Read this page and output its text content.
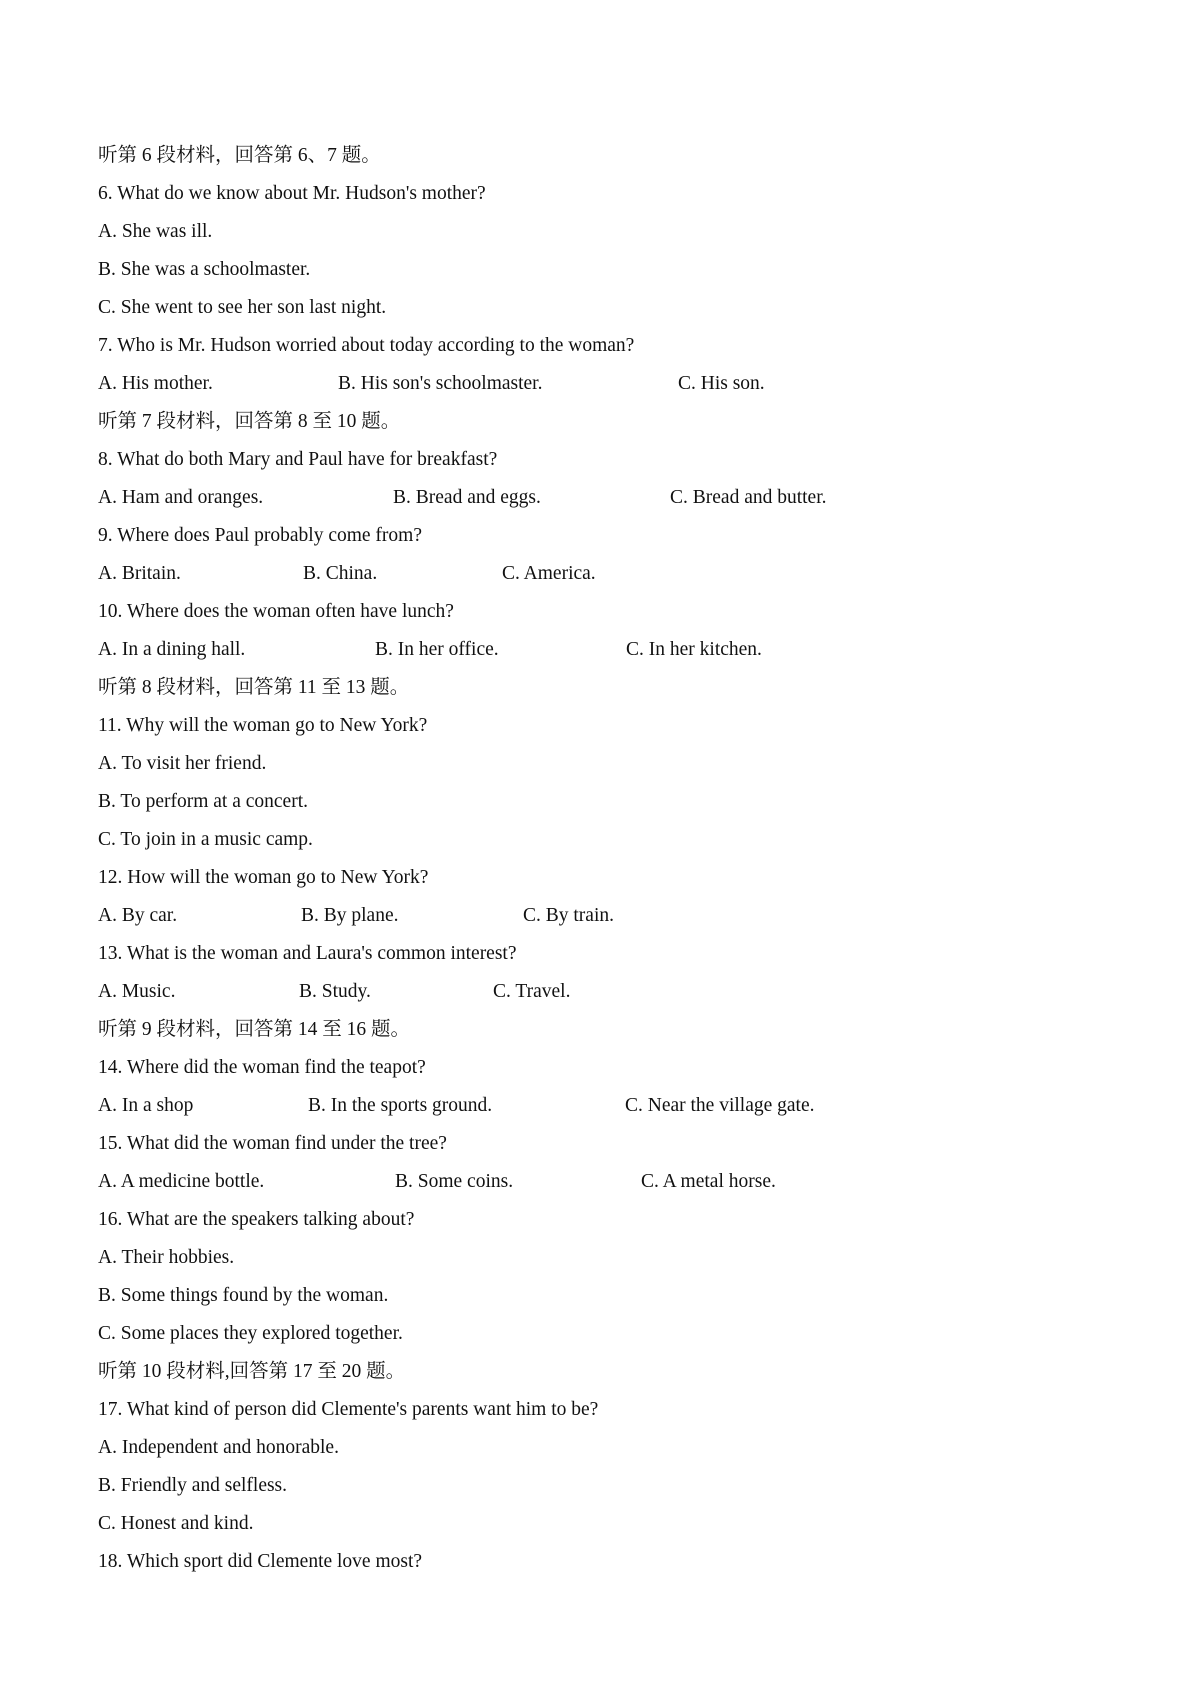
听第 6 段材料，回答第 6、7 题。
6. What do we know about Mr. Hudson's mother?
A. She was ill.
B. She was a schoolmaster.
C. She went to see her son last night.
7. Who is Mr. Hudson worried about today according to the woman?
A. His mother.	B. His son's schoolmaster.	C. His son.
听第 7 段材料，回答第 8 至 10 题。
8. What do both Mary and Paul have for breakfast?
A. Ham and oranges.	B. Bread and eggs.	C. Bread and butter.
9. Where does Paul probably come from?
A. Britain.	B. China.	C. America.
10. Where does the woman often have lunch?
A. In a dining hall.	B. In her office.	C. In her kitchen.
听第 8 段材料，回答第 11 至 13 题。
11. Why will the woman go to New York?
A. To visit her friend.
B. To perform at a concert.
C. To join in a music camp.
12. How will the woman go to New York?
A. By car.	B. By plane.	C. By train.
13. What is the woman and Laura's common interest?
A. Music.	B. Study.	C. Travel.
听第 9 段材料，回答第 14 至 16 题。
14. Where did the woman find the teapot?
A. In a shop	B. In the sports ground.	C. Near the village gate.
15. What did the woman find under the tree?
A. A medicine bottle.	B. Some coins.	C. A metal horse.
16. What are the speakers talking about?
A. Their hobbies.
B. Some things found by the woman.
C. Some places they explored together.
听第 10 段材料,回答第 17 至 20 题。
17. What kind of person did Clemente's parents want him to be?
A. Independent and honorable.
B. Friendly and selfless.
C. Honest and kind.
18. Which sport did Clemente love most?
